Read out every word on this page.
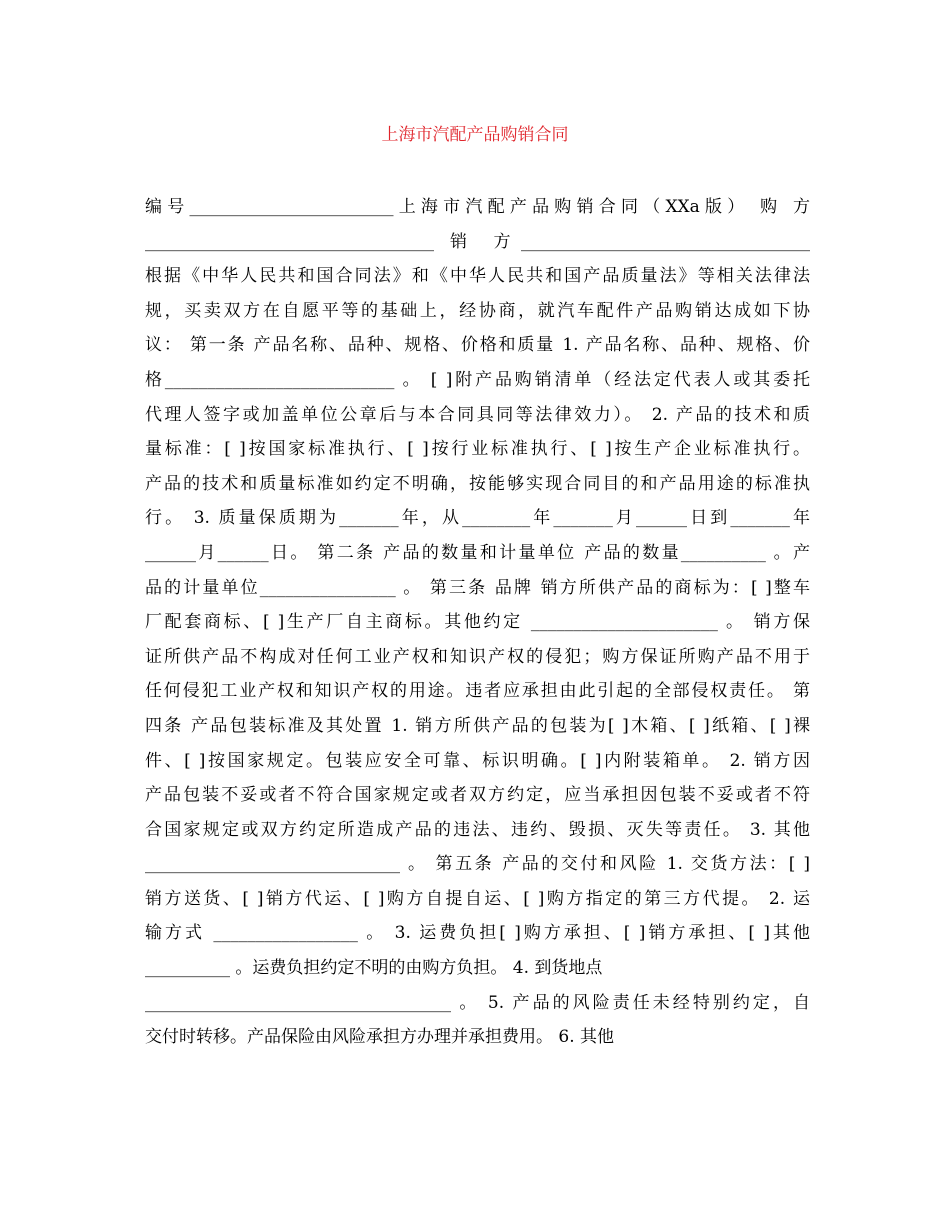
上海市汽配产品购销合同
编号________________________上海市汽配产品购销合同（XXa版） 购 方
__________________________________ 销 方__________________________________
根据《中华人民共和国合同法》和《中华人民共和国产品质量法》等相关法律法
规，买卖双方在自愿平等的基础上，经协商，就汽车配件产品购销达成如下协
议： 第一条 产品名称、品种、规格、价格和质量 1. 产品名称、品种、规格、价
格___________________________ 。 [ ]附产品购销清单（经法定代表人或其委托
代理人签字或加盖单位公章后与本合同具同等法律效力）。 2. 产品的技术和质
量标准：[ ]按国家标准执行、[ ]按行业标准执行、[ ]按生产企业标准执行。
产品的技术和质量标准如约定不明确，按能够实现合同目的和产品用途的标准执
行。 3. 质量保质期为_______年，从________年_______月______日到_______年
______月______日。 第二条 产品的数量和计量单位 产品的数量__________ 。产
品的计量单位________________ 。 第三条 品牌 销方所供产品的商标为：[ ]整车
厂配套商标、[ ]生产厂自主商标。其他约定 ______________________ 。 销方保
证所供产品不构成对任何工业产权和知识产权的侵犯；购方保证所购产品不用于
任何侵犯工业产权和知识产权的用途。违者应承担由此引起的全部侵权责任。 第
四条 产品包装标准及其处置 1. 销方所供产品的包装为[ ]木箱、[ ]纸箱、[ ]裸
件、[ ]按国家规定。包装应安全可靠、标识明确。[ ]内附装箱单。 2. 销方因
产品包装不妥或者不符合国家规定或者双方约定，应当承担因包装不妥或者不符
合国家规定或双方约定所造成产品的违法、违约、毁损、灭失等责任。 3. 其他
______________________________ 。 第五条 产品的交付和风险 1. 交货方法：[ ]
销方送货、[ ]销方代运、[ ]购方自提自运、[ ]购方指定的第三方代提。 2. 运
输方式 _________________ 。 3. 运费负担[ ]购方承担、[ ]销方承担、[ ]其他
__________ 。运费负担约定不明的由购方负担。 4. 到货地点
____________________________________ 。 5. 产品的风险责任未经特别约定，自
交付时转移。产品保险由风险承担方办理并承担费用。 6. 其他
